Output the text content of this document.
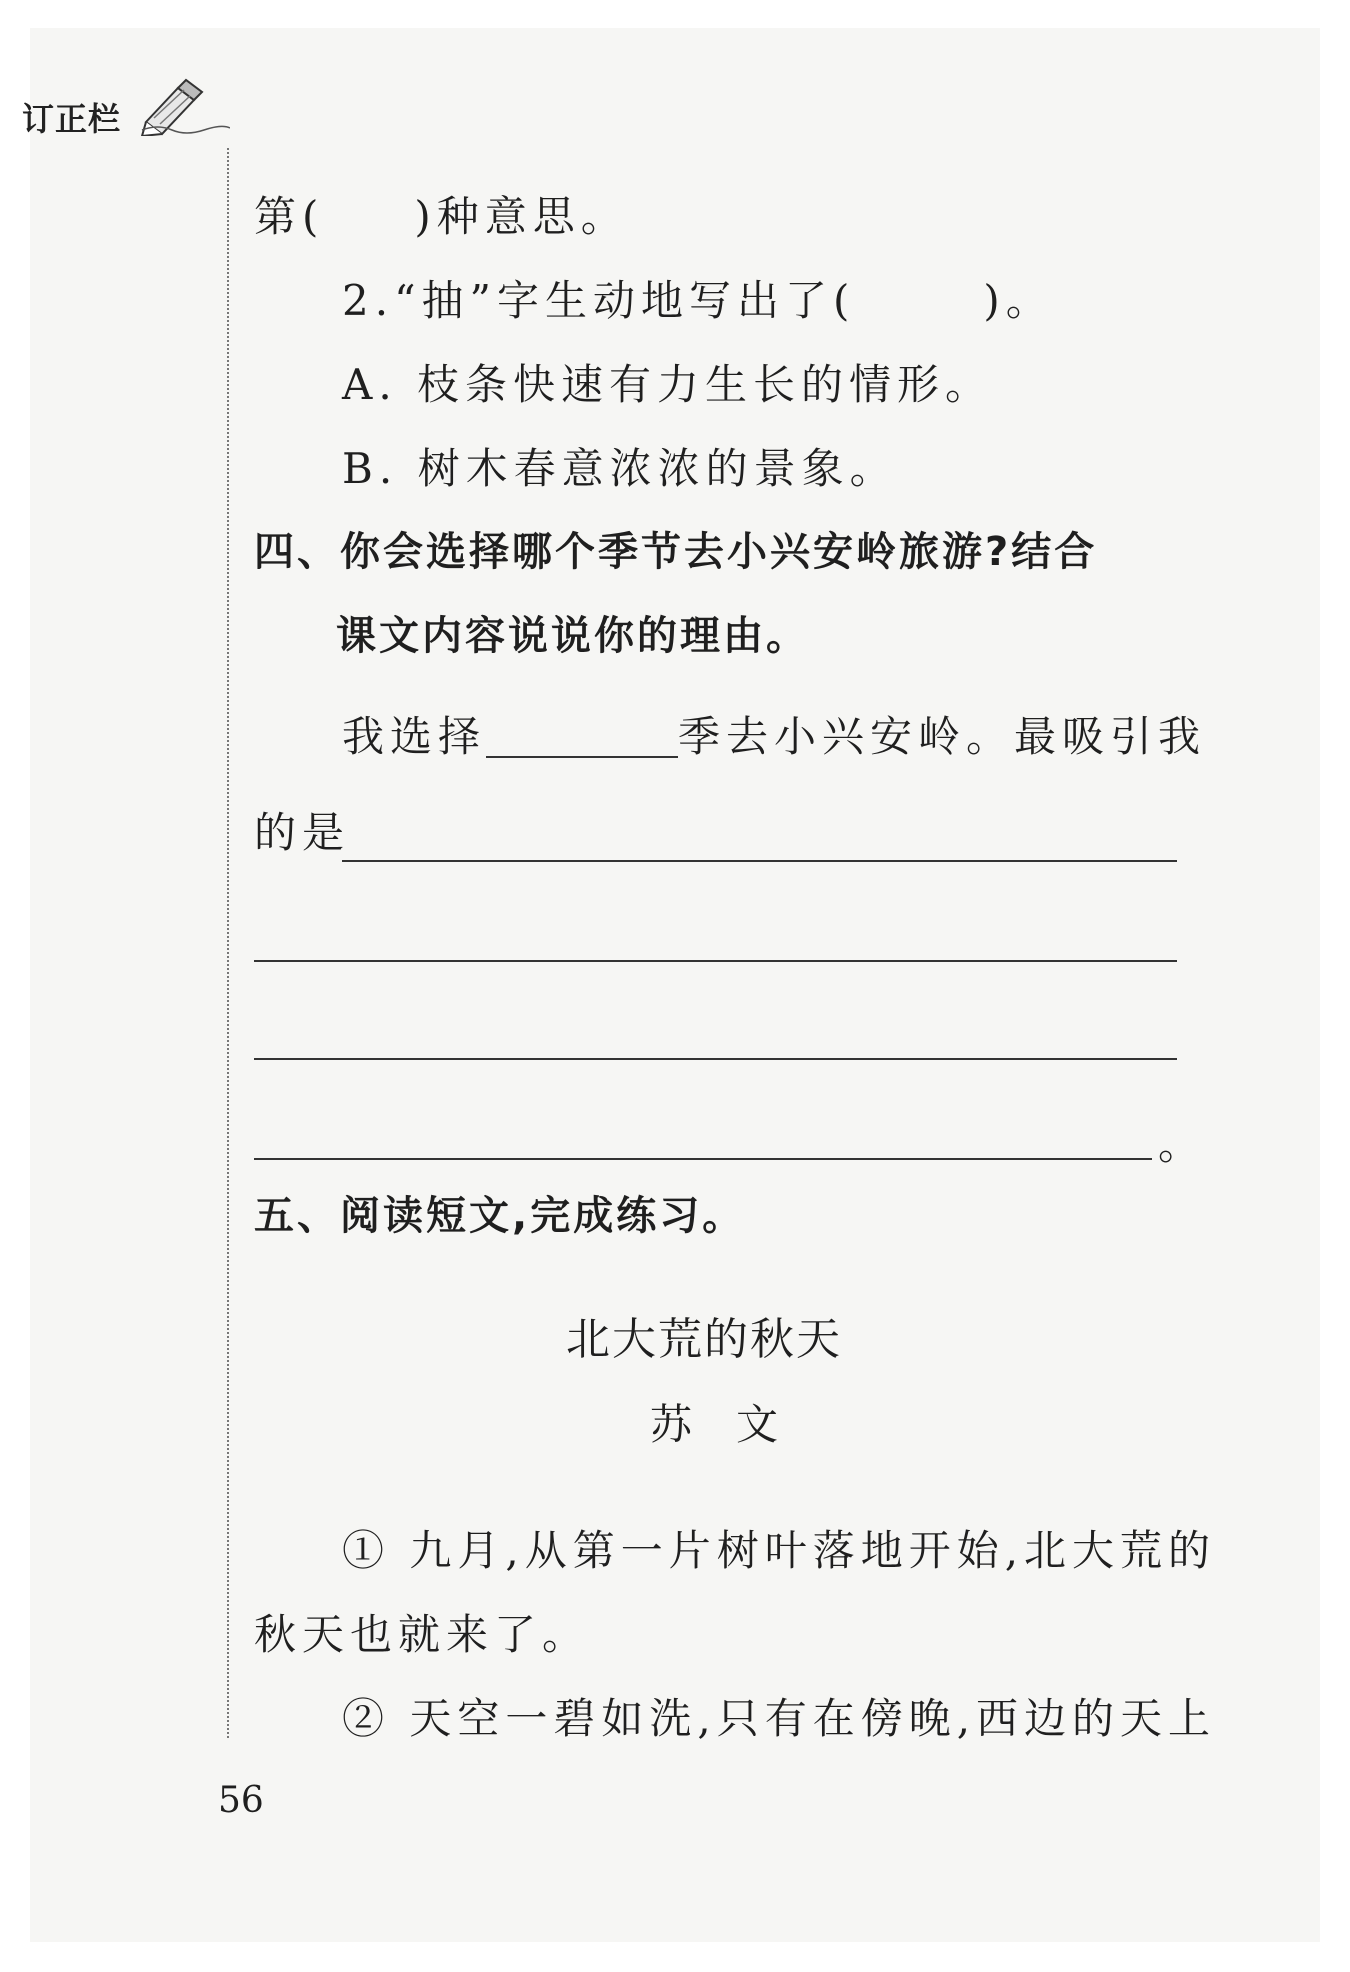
订正栏
第( )种意思。
2.“抽”字生动地写出了(	)。
A. 枝条快速有力生长的情形。
B. 树木春意浓浓的景象。
四、你会选择哪个季节去小兴安岭旅游?结合
课文内容说说你的理由。
我选择	季去小兴安岭。最吸引我
的是
。
五、阅读短文,完成练习。
北大荒的秋天
苏文
① 九月,从第一片树叶落地开始,北大荒的
秋天也就来了。
② 天空一碧如洗,只有在傍晚,西边的天上
56
